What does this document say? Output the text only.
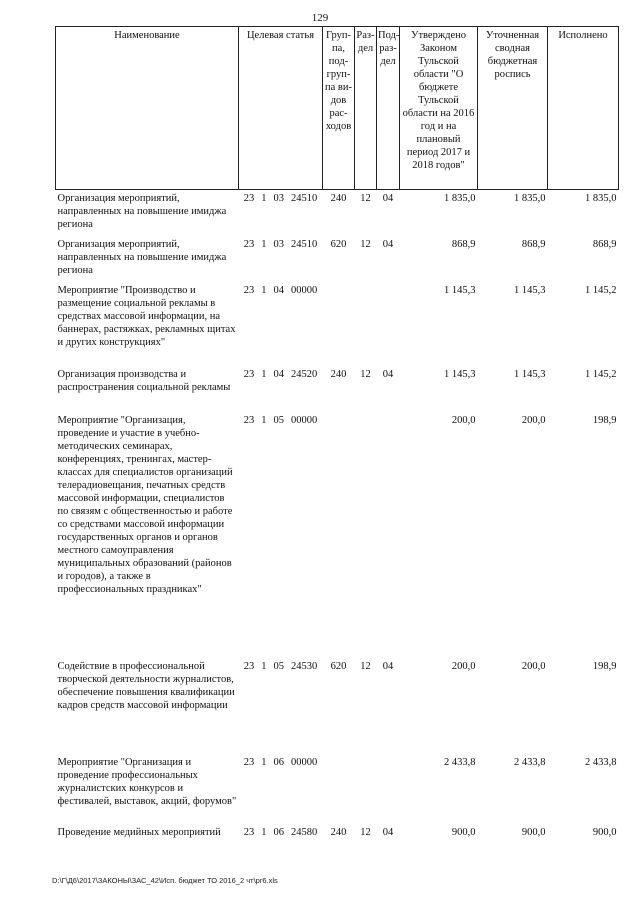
129
Наименование	Целевая статья	Груп-па, под-груп-па ви-дов рас-ходов	Раз-дел	Под-раз-дел	Утверждено Законом Тульской области "О бюджете Тульской области на 2016 год и на плановый период 2017 и 2018 годов"	Уточненная сводная бюджетная роспись	Исполнено
Организация мероприятий, направленных на повышение имиджа региона	23 1 03 24510	240	12	04	1 835,0	1 835,0	1 835,0
Организация мероприятий, направленных на повышение имиджа региона	23 1 03 24510	620	12	04	868,9	868,9	868,9
Мероприятие "Производство и размещение социальной рекламы в средствах массовой информации, на баннерах, растяжках, рекламных щитах и других конструкциях"	23 1 04 00000				1 145,3	1 145,3	1 145,2
Организация производства и распространения социальной рекламы	23 1 04 24520	240	12	04	1 145,3	1 145,3	1 145,2
Мероприятие "Организация, проведение и участие в учебно-методических семинарах, конференциях, тренингах, мастер-классах для специалистов организаций телерадиовещания, печатных средств массовой информации, специалистов по связям с общественностью и работе со средствами массовой информации государственных органов и органов местного самоуправления муниципальных образований (районов и городов), а также в профессиональных праздниках"	23 1 05 00000				200,0	200,0	198,9
Содействие в профессиональной творческой деятельности журналистов, обеспечение повышения квалификации кадров средств массовой информации	23 1 05 24530	620	12	04	200,0	200,0	198,9
Мероприятие "Организация и проведение профессиональных журналистских конкурсов и фестивалей, выставок, акций, форумов"	23 1 06 00000				2 433,8	2 433,8	2 433,8
Проведение медийных мероприятий	23 1 06 24580	240	12	04	900,0	900,0	900,0
D:\Г\Д6\2017\ЗАКОНЫ\ЗАС_42\Исп. бюджет ТО 2016_2 чт\pr6.xls
